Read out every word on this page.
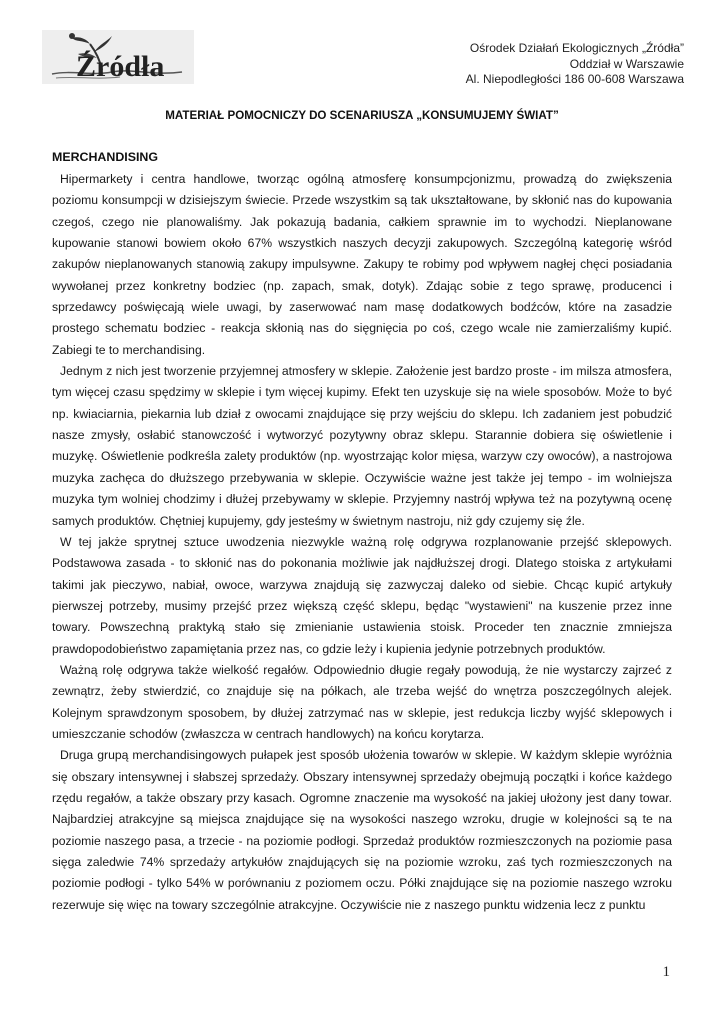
Źródła
Ośrodek Działań Ekologicznych „Źródła”
Oddział w Warszawie
Al. Niepodległości 186 00-608 Warszawa
MATERIAŁ POMOCNICZY DO SCENARIUSZA „KONSUMUJEMY ŚWIAT”
MERCHANDISING

Hipermarkety i centra handlowe, tworząc ogólną atmosferę konsumpcjonizmu, prowadzą do zwiększenia poziomu konsumpcji w dzisiejszym świecie. Przede wszystkim są tak ukształtowane, by skłonić nas do kupowania czegoś, czego nie planowaliśmy. Jak pokazują badania, całkiem sprawnie im to wychodzi. Nieplanowane kupowanie stanowi bowiem około 67% wszystkich naszych decyzji zakupowych. Szczególną kategorię wśród zakupów nieplanowanych stanowią zakupy impulsywne. Zakupy te robimy pod wpływem nagłej chęci posiadania wywołanej przez konkretny bodziec (np. zapach, smak, dotyk). Zdając sobie z tego sprawę, producenci i sprzedawcy poświęcają wiele uwagi, by zaserwować nam masę dodatkowych bodźców, które na zasadzie prostego schematu bodziec - reakcja skłonią nas do sięgnięcia po coś, czego wcale nie zamierzaliśmy kupić. Zabiegi te to merchandising.

Jednym z nich jest tworzenie przyjemnej atmosfery w sklepie. Założenie jest bardzo proste - im milsza atmosfera, tym więcej czasu spędzimy w sklepie i tym więcej kupimy. Efekt ten uzyskuje się na wiele sposobów. Może to być np. kwiaciarnia, piekarnia lub dział z owocami znajdujące się przy wejściu do sklepu. Ich zadaniem jest pobudzić nasze zmysły, osłabić stanowczość i wytworzyć pozytywny obraz sklepu. Starannie dobiera się oświetlenie i muzykę. Oświetlenie podkreśla zalety produktów (np. wyostrzając kolor mięsa, warzyw czy owoców), a nastrojowa muzyka zachęca do dłuższego przebywania w sklepie. Oczywiście ważne jest także jej tempo - im wolniejsza muzyka tym wolniej chodzimy i dłużej przebywamy w sklepie. Przyjemny nastrój wpływa też na pozytywną ocenę samych produktów. Chętniej kupujemy, gdy jesteśmy w świetnym nastroju, niż gdy czujemy się źle.

W tej jakże sprytnej sztuce uwodzenia niezwykle ważną rolę odgrywa rozplanowanie przejść sklepowych. Podstawowa zasada - to skłonić nas do pokonania możliwie jak najdłuższej drogi. Dlatego stoiska z artykułami takimi jak pieczywo, nabiał, owoce, warzywa znajdują się zazwyczaj daleko od siebie. Chcąc kupić artykuły pierwszej potrzeby, musimy przejść przez większą część sklepu, będąc "wystawieni" na kuszenie przez inne towary. Powszechną praktyką stało się zmienianie ustawienia stoisk. Proceder ten znacznie zmniejsza prawdopodobieństwo zapamiętania przez nas, co gdzie leży i kupienia jedynie potrzebnych produktów.

Ważną rolę odgrywa także wielkość regałów. Odpowiednio długie regały powodują, że nie wystarczy zajrzeć z zewnątrz, żeby stwierdzić, co znajduje się na półkach, ale trzeba wejść do wnętrza poszczególnych alejek. Kolejnym sprawdzonym sposobem, by dłużej zatrzymać nas w sklepie, jest redukcja liczby wyjść sklepowych i umieszczanie schodów (zwłaszcza w centrach handlowych) na końcu korytarza.

Druga grupą merchandisingowych pułapek jest sposób ułożenia towarów w sklepie. W każdym sklepie wyróżnia się obszary intensywnej i słabszej sprzedaży. Obszary intensywnej sprzedaży obejmują początki i końce każdego rzędu regałów, a także obszary przy kasach. Ogromne znaczenie ma wysokość na jakiej ułożony jest dany towar. Najbardziej atrakcyjne są miejsca znajdujące się na wysokości naszego wzroku, drugie w kolejności są te na poziomie naszego pasa, a trzecie - na poziomie podłogi. Sprzedaż produktów rozmieszczonych na poziomie pasa sięga zaledwie 74% sprzedaży artykułów znajdujących się na poziomie wzroku, zaś tych rozmieszczonych na poziomie podłogi - tylko 54% w porównaniu z poziomem oczu. Półki znajdujące się na poziomie naszego wzroku rezerwuje się więc na towary szczególnie atrakcyjne. Oczywiście nie z naszego punktu widzenia lecz z punktu

1
